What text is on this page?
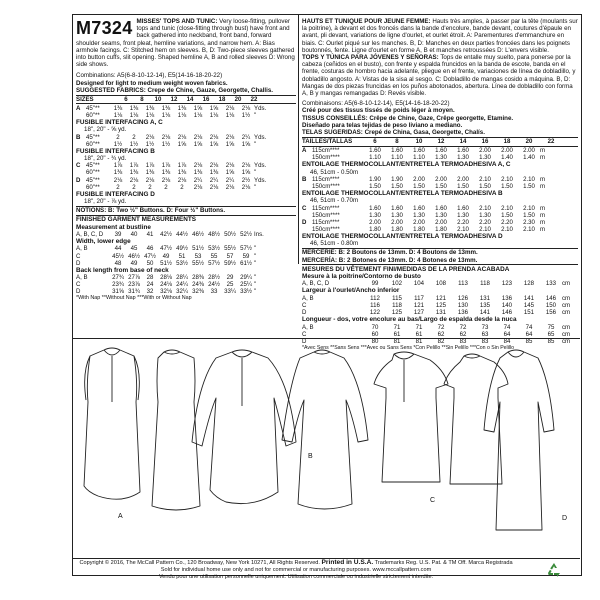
M7324 MISSES' TOPS AND TUNIC: Very loose-fitting, pullover tops and tunic (close-fitting through bust) have front and back gathered into neckband, front band, forward shoulder seams, front pleat, hemline variations, and narrow hem. A: Bias armhole facings. C: Stitched hem on sleeves. B, D: Two-piece sleeves gathered into button cuffs, slit opening. Shaped hemline A, B and rolled sleeves D: Wrong side shows.
Combinations: A5(6-8-10-12-14), E5(14-16-18-20-22)
Designed for light to medium weight woven fabrics.
SUGGESTED FABRICS: Crepe de Chine, Gauze, Georgette, Challis.
SIZES	6	8	10	12	14	16	18	20	22
A 45"**	1⅜	1⅜	1⅜	1⅜	1⅜	1⅝	1⅝	2⅛	2⅛ Yds.
60"**	1⅛	1⅛	1⅛	1⅛	1⅛	1⅛	1⅛	1⅛	1½ "
FUSIBLE INTERFACING A, C
18", 20" - ⅝ yd.
B 45"**	2	2	2⅛	2⅛	2⅛	2⅛	2⅛	2⅛	2¼ Yds.
60"**	1½	1½	1½	1½	1⅝	1⅝	1⅝	1⅝	1⅝ "
FUSIBLE INTERFACING B
18", 20" - ¾ yd.
C 45"**	1⅞	1⅞	1⅞	1⅞	1⅞	2⅛	2⅛	2⅛	2⅛ Yds.
60"**	1⅜	1⅜	1⅜	1⅜	1⅜	1⅜	1⅜	1⅝	1⅝ "
D 45"**	2⅛	2⅛	2⅛	2⅛	2⅛	2¼	2¼	2¼	2½ Yds.
60"**	2	2	2	2	2	2⅛	2⅛	2⅛	2⅛ "
FUSIBLE INTERFACING D
18", 20" - ⅞ yd.
NOTIONS: B: Two ½" Buttons. D: Four ½" Buttons.
FINISHED GARMENT MEASUREMENTS
Measurement at bustline
A, B, C, D	39	40	41	42½ 44½ 46½ 48½ 50½ 52½ Ins.
Width, lower edge
A, B	44	45	46	47½ 49½ 51½ 53½ 55½ 57½ "
C	45½ 46½ 47½	49	51	53	55	57	59 "
D	48	49	50	51½ 53½ 55½ 57½ 59½ 61½ "
Back length from base of neck
A, B	27¾ 27⅞	28	28⅛ 28¼ 28⅜ 28½	29	29¼ "
C	23¾ 23⅞	24	24⅛ 24¼ 24⅜ 24½	25	25¼ "
D	31⅝ 31¾	32	32⅛ 32¼ 32⅜	33	33¼ 33½ "
*With Nap **Without Nap ***With or Without Nap
HAUTS ET TUNIQUE POUR JEUNE FEMME: Hauts très amples, à passer par la tête (moulants sur la poitrine), à devant et dos froncés dans la bande d'encolure, bande devant, coutures d'épaule en avant, pli devant, variations de ligne d'ourlet, et ourlet étroit. A: Parementures d'emmanchure en biais. C: Ourlet piqué sur les manches. B, D: Manches en deux parties froncées dans les poignets boutonnés, fente. Ligne d'ourlet en forme A, B et manches retroussées D: L'envers visible.
TOPS Y TÚNICA PARA JÓVENES Y SEÑORAS: Tops de entalle muy suelto, para ponerse por la cabeza (ceñidos en el busto), con frente y espalda fruncidos en la banda de escote, banda en el frente, costuras de hombro hacia adelante, pliegue en el frente, variaciones de línea de dobladillo, y dobladillo angosto. A: Vistas de la sisa al sesgo. C: Dobladillo de mangas cosido a máquina. B, D: Mangas de dos piezas fruncidas en los puños abotonados, abertura. Línea de dobladillo con forma A, B y mangas remangadas D: Revés visible.
Combinaisons: A5(6-8-10-12-14), E5(14-16-18-20-22)
Créé pour des tissus tissés de poids léger à moyen.
TISSUS CONSEILLÉS: Crêpe de Chine, Gaze, Crêpe georgette, Etamine.
Diseñado para telas tejidas de peso liviano a mediano.
TELAS SUGERIDAS: Crepé de China, Gasa, Georgette, Chalís.
TAILLES/TALLAS	6	8	10	12	14	16	18	20	22
A 115cm****	1.60	1.60	1.60	1.60	1.60	2.00	2.00	2.00 m
150cm****	1.10	1.10	1.10	1.30	1.30	1.30	1.40	1.40 m
ENTOILAGE THERMOCOLLANT/ENTRETELA TERMOADHESIVA A, C
46, 51cm - 0.50m
B 115cm****	1.90	1.90	2.00	2.00	2.00	2.10	2.10	2.10 m
150cm****	1.50	1.50	1.50	1.50	1.50	1.50	1.50	1.50 m
ENTOILAGE THERMOCOLLANT/ENTRETELA TERMOADHESIVA B
46, 51cm - 0.70m
C 115cm****	1.60	1.60	1.60	1.60	1.60	2.10	2.10	2.10 m
150cm****	1.30	1.30	1.30	1.30	1.30	1.30	1.50	1.50 m
D 115cm****	2.00	2.00	2.00	2.00	2.20	2.20	2.20	2.30 m
150cm****	1.80	1.80	1.80	1.80	2.10	2.10	2.10	2.10 m
ENTOILAGE THERMOCOLLANT/ENTRETELA TERMOADHESIVA D
46, 51cm - 0.80m
MERCERIE: B: 2 Boutons de 13mm. D: 4 Boutons de 13mm.
MERCERÍA: B: 2 Botones de 13mm. D: 4 Botones de 13mm.
MESURES DU VÊTEMENT FINI/MEDIDAS DE LA PRENDA ACABADA
Mesure à la poitrine/Contorno de busto
A, B, C, D	99	102	104	108	113	118	123	128	133 cm
Largeur à l'ourlet/Ancho inferior
A, B	112	115	117	121	126	131	136	141	146 cm
C	116	118	121	125	130	135	140	145	150 cm
D	122	125	127	131	136	141	146	151	156 cm
Longueur - dos, votre encolure au bas/Largo de espalda desde la nuca
A, B	70	71	71	72	72	73	74	74	75	cm
C	60	61	61	62	62	63	64	64	65	cm
D	80	81	81	82	83	83	84	85	85	cm
*Avec Sens **Sans Sens ***Avec ou Sans Sens *Con Pelillo **Sin Pelillo ***Con o Sin Pelillo
A
B
C
D
Copyright © 2016, The McCall Pattern Co., 120 Broadway, New York 10271, All Rights Reserved. Printed in U.S.A. Trademarks Reg. U.S. Pat. & TM Off. Marca Registrada
Sold for individual home use only and not for commercial or manufacturing purposes. www.mccallpattern.com
Vendu pour une utilisation personnelle uniquement. Utilisation commerciale ou industrielle strictement interdite.
